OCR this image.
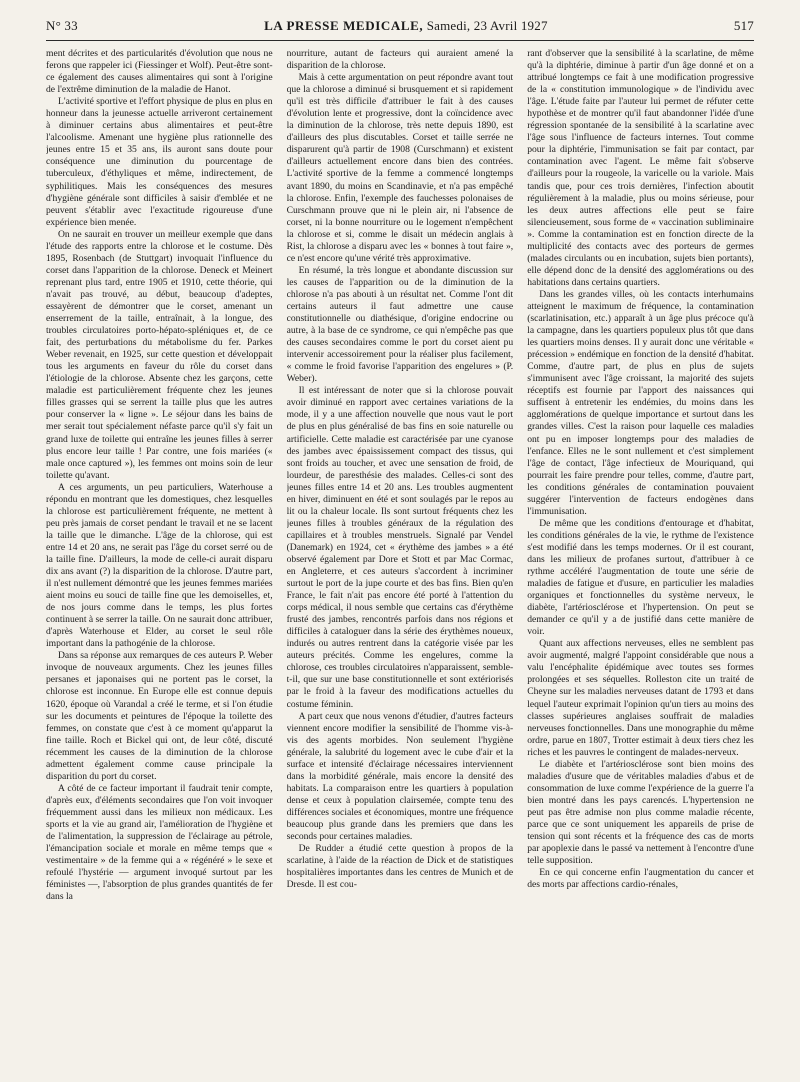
N° 33	LA PRESSE MEDICALE, Samedi, 23 Avril 1927	517

ment décrites et des particularités d'évolution que nous ne ferons que rappeler ici (Fiessinger et Wolf). Peut-être sont-ce également des causes alimentaires qui sont à l'origine de l'extrême diminution de la maladie de Hanot.

L'activité sportive et l'effort physique de plus en plus en honneur dans la jeunesse actuelle arriveront certainement à diminuer certains abus alimentaires et peut-être l'alcoolisme. Amenant une hygiène plus rationnelle des jeunes entre 15 et 35 ans, ils auront sans doute pour conséquence une diminution du pourcentage de tuberculeux, d'éthyliques et même, indirectement, de syphilitiques. Mais les conséquences des mesures d'hygiène générale sont difficiles à saisir d'emblée et ne peuvent s'établir avec l'exactitude rigoureuse d'une expérience bien menée.

On ne saurait en trouver un meilleur exemple que dans l'étude des rapports entre la chlorose et le costume. Dès 1895, Rosenbach (de Stuttgart) invoquait l'influence du corset dans l'apparition de la chlorose. Deneck et Meinert reprenant plus tard, entre 1905 et 1910, cette théorie, qui n'avait pas trouvé, au début, beaucoup d'adeptes, essayèrent de démontrer que le corset, amenant un enserrement de la taille, entraînait, à la longue, des troubles circulatoires porto-hépato-spléniques et, de ce fait, des perturbations du métabolisme du fer. Parkes Weber revenait, en 1925, sur cette question et développait tous les arguments en faveur du rôle du corset dans l'étiologie de la chlorose. Absente chez les garçons, cette maladie est particulièrement fréquente chez les jeunes filles grasses qui se serrent la taille plus que les autres pour conserver la « ligne ». Le séjour dans les bains de mer serait tout spécialement néfaste parce qu'il s'y fait un grand luxe de toilette qui entraîne les jeunes filles à serrer plus encore leur taille ! Par contre, une fois mariées (« male once captured »), les femmes ont moins soin de leur toilette qu'avant.

A ces arguments, un peu particuliers, Waterhouse a répondu en montrant que les domestiques, chez lesquelles la chlorose est particulièrement fréquente, ne mettent à peu près jamais de corset pendant le travail et ne se lacent la taille que le dimanche. L'âge de la chlorose, qui est entre 14 et 20 ans, ne serait pas l'âge du corset serré ou de la taille fine. D'ailleurs, la mode de celle-ci aurait disparu dix ans avant (?) la disparition de la chlorose. D'autre part, il n'est nullement démontré que les jeunes femmes mariées aient moins eu souci de taille fine que les demoiselles, et, de nos jours comme dans le temps, les plus fortes continuent à se serrer la taille. On ne saurait donc attribuer, d'après Waterhouse et Elder, au corset le seul rôle important dans la pathogénie de la chlorose.

Dans sa réponse aux remarques de ces auteurs P. Weber invoque de nouveaux arguments. Chez les jeunes filles persanes et japonaises qui ne portent pas le corset, la chlorose est inconnue. En Europe elle est connue depuis 1620, époque où Varandal a créé le terme, et si l'on étudie sur les documents et peintures de l'époque la toilette des femmes, on constate que c'est à ce moment qu'apparut la fine taille. Roch et Bickel qui ont, de leur côté, discuté récemment les causes de la diminution de la chlorose admettent également comme cause principale la disparition du port du corset.

A côté de ce facteur important il faudrait tenir compte, d'après eux, d'éléments secondaires que l'on voit invoquer fréquemment aussi dans les milieux non médicaux. Les sports et la vie au grand air, l'amélioration de l'hygiène et de l'alimentation, la suppression de l'éclairage au pétrole, l'émancipation sociale et morale en même temps que « vestimentaire » de la femme qui a « régénéré » le sexe et refoulé l'hystérie — argument invoqué surtout par les féministes —, l'absorption de plus grandes quantités de fer dans la

nourriture, autant de facteurs qui auraient amené la disparition de la chlorose.

Mais à cette argumentation on peut répondre avant tout que la chlorose a diminué si brusquement et si rapidement qu'il est très difficile d'attribuer le fait à des causes d'évolution lente et progressive, dont la coïncidence avec la diminution de la chlorose, très nette depuis 1890, est d'ailleurs des plus discutables. Corset et taille serrée ne disparurent qu'à partir de 1908 (Curschmann) et existent d'ailleurs actuellement encore dans bien des contrées. L'activité sportive de la femme a commencé longtemps avant 1890, du moins en Scandinavie, et n'a pas empêché la chlorose. Enfin, l'exemple des fauchesses polonaises de Curschmann prouve que ni le plein air, ni l'absence de corset, ni la bonne nourriture ou le logement n'empêchent la chlorose et si, comme le disait un médecin anglais à Rist, la chlorose a disparu avec les « bonnes à tout faire », ce n'est encore qu'une vérité très approximative.

En résumé, la très longue et abondante discussion sur les causes de l'apparition ou de la diminution de la chlorose n'a pas abouti à un résultat net. Comme l'ont dit certains auteurs il faut admettre une cause constitutionnelle ou diathésique, d'origine endocrine ou autre, à la base de ce syndrome, ce qui n'empêche pas que des causes secondaires comme le port du corset aient pu intervenir accessoirement pour la réaliser plus facilement, « comme le froid favorise l'apparition des engelures » (P. Weber).

Il est intéressant de noter que si la chlorose pouvait avoir diminué en rapport avec certaines variations de la mode, il y a une affection nouvelle que nous vaut le port de plus en plus généralisé de bas fins en soie naturelle ou artificielle. Cette maladie est caractérisée par une cyanose des jambes avec épaississement compact des tissus, qui sont froids au toucher, et avec une sensation de froid, de lourdeur, de paresthésie des malades. Celles-ci sont des jeunes filles entre 14 et 20 ans. Les troubles augmentent en hiver, diminuent en été et sont soulagés par le repos au lit ou la chaleur locale. Ils sont surtout fréquents chez les jeunes filles à troubles généraux de la régulation des capillaires et à troubles menstruels. Signalé par Vendel (Danemark) en 1924, cet « érythème des jambes » a été observé également par Dore et Stott et par Mac Cormac, en Angleterre, et ces auteurs s'accordent à incriminer surtout le port de la jupe courte et des bas fins. Bien qu'en France, le fait n'ait pas encore été porté à l'attention du corps médical, il nous semble que certains cas d'érythème frusté des jambes, rencontrés parfois dans nos régions et difficiles à cataloguer dans la série des érythèmes noueux, indurés ou autres rentrent dans la catégorie visée par les auteurs précités. Comme les engelures, comme la chlorose, ces troubles circulatoires n'apparaissent, semble-t-il, que sur une base constitutionnelle et sont extériorisés par le froid à la faveur des modifications actuelles du costume féminin.

A part ceux que nous venons d'étudier, d'autres facteurs viennent encore modifier la sensibilité de l'homme vis-à-vis des agents morbides. Non seulement l'hygiène générale, la salubrité du logement avec le cube d'air et la surface et intensité d'éclairage nécessaires interviennent dans la morbidité générale, mais encore la densité des habitats. La comparaison entre les quartiers à population dense et ceux à population clairsemée, compte tenu des différences sociales et économiques, montre une fréquence beaucoup plus grande dans les premiers que dans les seconds pour certaines maladies.

De Rudder a étudié cette question à propos de la scarlatine, à l'aide de la réaction de Dick et de statistiques hospitalières importantes dans les centres de Munich et de Dresde. Il est cou-

rant d'observer que la sensibilité à la scarlatine, de même qu'à la diphtérie, diminue à partir d'un âge donné et on a attribué longtemps ce fait à une modification progressive de la « constitution immunologique » de l'individu avec l'âge. L'étude faite par l'auteur lui permet de réfuter cette hypothèse et de montrer qu'il faut abandonner l'idée d'une régression spontanée de la sensibilité à la scarlatine avec l'âge sous l'influence de facteurs internes. Tout comme pour la diphtérie, l'immunisation se fait par contact, par contamination avec l'agent. Le même fait s'observe d'ailleurs pour la rougeole, la varicelle ou la variole. Mais tandis que, pour ces trois dernières, l'infection aboutit régulièrement à la maladie, plus ou moins sérieuse, pour les deux autres affections elle peut se faire silencieusement, sous forme de « vaccination subliminaire ». Comme la contamination est en fonction directe de la multiplicité des contacts avec des porteurs de germes (malades circulants ou en incubation, sujets bien portants), elle dépend donc de la densité des agglomérations ou des habitations dans certains quartiers.

Dans les grandes villes, où les contacts interhumains atteignent le maximum de fréquence, la contamination (scarlatinisation, etc.) apparaît à un âge plus précoce qu'à la campagne, dans les quartiers populeux plus tôt que dans les quartiers moins denses. Il y aurait donc une véritable « précession » endémique en fonction de la densité d'habitat. Comme, d'autre part, de plus en plus de sujets s'immunisent avec l'âge croissant, la majorité des sujets réceptifs est fournie par l'apport des naissances qui suffisent à entretenir les endémies, du moins dans les agglomérations de quelque importance et surtout dans les grandes villes. C'est la raison pour laquelle ces maladies ont pu en imposer longtemps pour des maladies de l'enfance. Elles ne le sont nullement et c'est simplement l'âge de contact, l'âge infectieux de Mouriquand, qui pourrait les faire prendre pour telles, comme, d'autre part, les conditions générales de contamination pouvaient suggérer l'intervention de facteurs endogènes dans l'immunisation.

De même que les conditions d'entourage et d'habitat, les conditions générales de la vie, le rythme de l'existence s'est modifié dans les temps modernes. Or il est courant, dans les milieux de profanes surtout, d'attribuer à ce rythme accéléré l'augmentation de toute une série de maladies de fatigue et d'usure, en particulier les maladies organiques et fonctionnelles du système nerveux, le diabète, l'artériosclérose et l'hypertension. On peut se demander ce qu'il y a de justifié dans cette manière de voir.

Quant aux affections nerveuses, elles ne semblent pas avoir augmenté, malgré l'appoint considérable que nous a valu l'encéphalite épidémique avec toutes ses formes prolongées et ses séquelles. Rolleston cite un traité de Cheyne sur les maladies nerveuses datant de 1793 et dans lequel l'auteur exprimait l'opinion qu'un tiers au moins des classes supérieures anglaises souffrait de maladies nerveuses fonctionnelles. Dans une monographie du même ordre, parue en 1807, Trotter estimait à deux tiers chez les riches et les pauvres le contingent de malades-nerveux.

Le diabète et l'artériosclérose sont bien moins des maladies d'usure que de véritables maladies d'abus et de consommation de luxe comme l'expérience de la guerre l'a bien montré dans les pays carencés. L'hypertension ne peut pas être admise non plus comme maladie récente, parce que ce sont uniquement les appareils de prise de tension qui sont récents et la fréquence des cas de morts par apoplexie dans le passé va nettement à l'encontre d'une telle supposition.

En ce qui concerne enfin l'augmentation du cancer et des morts par affections cardio-rénales,
